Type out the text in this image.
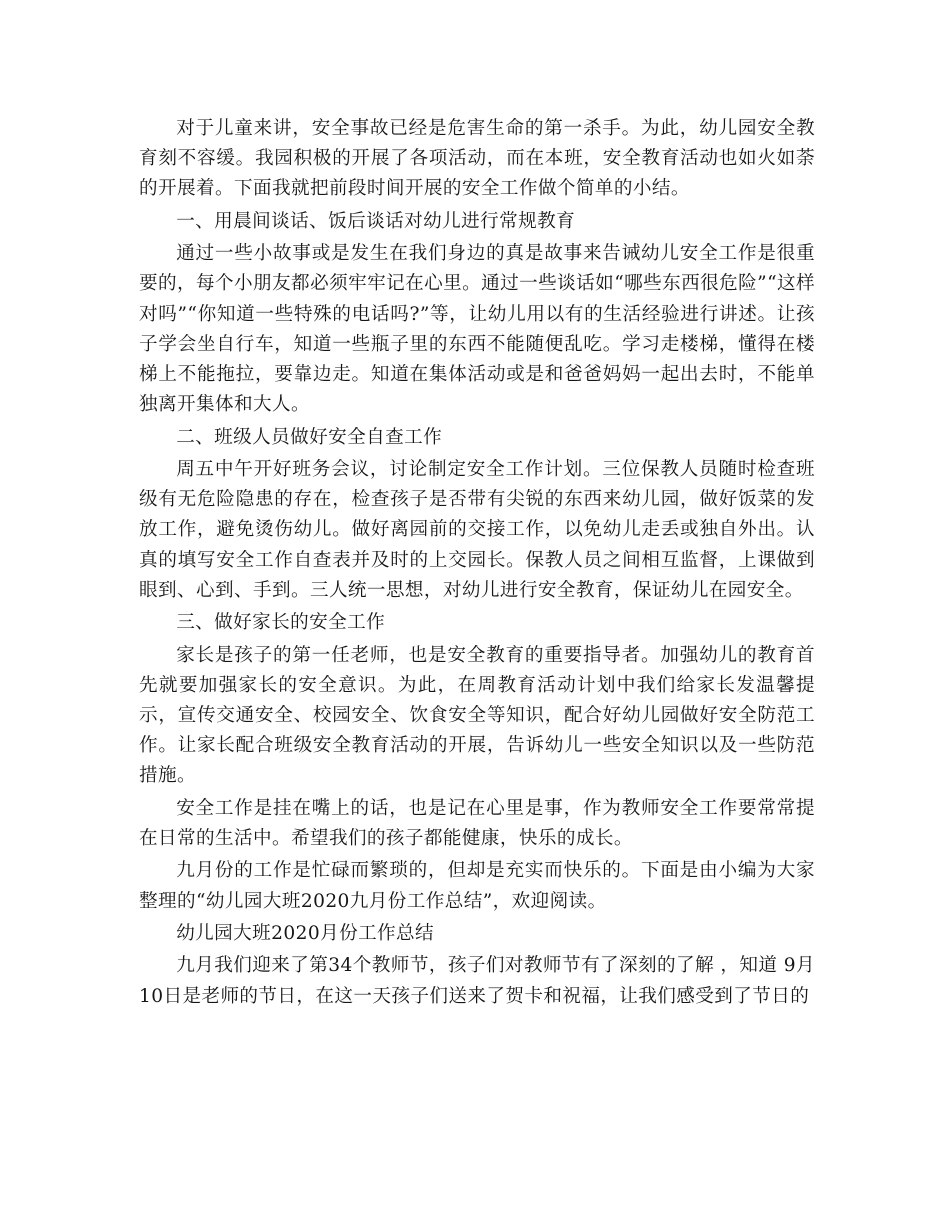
对于儿童来讲，安全事故已经是危害生命的第一杀手。为此，幼儿园安全教育刻不容缓。我园积极的开展了各项活动，而在本班，安全教育活动也如火如荼的开展着。下面我就把前段时间开展的安全工作做个简单的小结。

一、用晨间谈话、饭后谈话对幼儿进行常规教育

通过一些小故事或是发生在我们身边的真是故事来告诫幼儿安全工作是很重要的，每个小朋友都必须牢牢记在心里。通过一些谈话如“哪些东西很危险”“这样对吗”“你知道一些特殊的电话吗?”等，让幼儿用以有的生活经验进行讲述。让孩子学会坐自行车，知道一些瓶子里的东西不能随便乱吃。学习走楼梯，懂得在楼梯上不能拖拉，要靠边走。知道在集体活动或是和爸爸妈妈一起出去时，不能单独离开集体和大人。

二、班级人员做好安全自查工作

周五中午开好班务会议，讨论制定安全工作计划。三位保教人员随时检查班级有无危险隐患的存在，检查孩子是否带有尖锐的东西来幼儿园，做好饭菜的发放工作，避免烫伤幼儿。做好离园前的交接工作，以免幼儿走丢或独自外出。认真的填写安全工作自查表并及时的上交园长。保教人员之间相互监督，上课做到眼到、心到、手到。三人统一思想，对幼儿进行安全教育，保证幼儿在园安全。

三、做好家长的安全工作

家长是孩子的第一任老师，也是安全教育的重要指导者。加强幼儿的教育首先就要加强家长的安全意识。为此，在周教育活动计划中我们给家长发温馨提示，宣传交通安全、校园安全、饮食安全等知识，配合好幼儿园做好安全防范工作。让家长配合班级安全教育活动的开展，告诉幼儿一些安全知识以及一些防范措施。

安全工作是挂在嘴上的话，也是记在心里是事，作为教师安全工作要常常提在日常的生活中。希望我们的孩子都能健康，快乐的成长。

九月份的工作是忙碌而繁琐的，但却是充实而快乐的。下面是由小编为大家整理的“幼儿园大班2020九月份工作总结”，欢迎阅读。

幼儿园大班2020月份工作总结

九月我们迎来了第34个教师节，孩子们对教师节有了深刻的了解 ，知道 9月10日是老师的节日，在这一天孩子们送来了贺卡和祝福，让我们感受到了节日的
